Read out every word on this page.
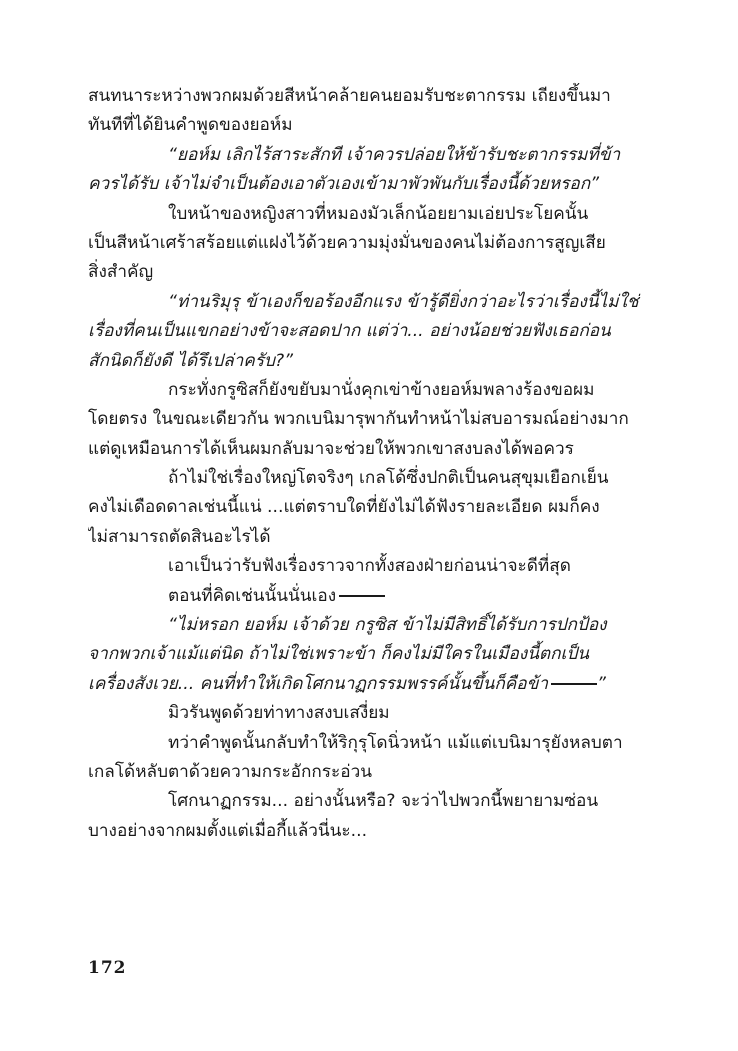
สนทนาระหว่างพวกผมด้วยสีหน้าคล้ายคนยอมรับชะตากรรม เถียงขึ้นมา
ทันทีที่ได้ยินคำพูดของยอห์ม
“ยอห์ม เลิกไร้สาระสักที เจ้าควรปล่อยให้ข้ารับชะตากรรมที่ข้า
ควรได้รับ เจ้าไม่จำเป็นต้องเอาตัวเองเข้ามาพัวพันกับเรื่องนี้ด้วยหรอก”
ใบหน้าของหญิงสาวที่หมองมัวเล็กน้อยยามเอ่ยประโยคนั้น
เป็นสีหน้าเศร้าสร้อยแต่แฝงไว้ด้วยความมุ่งมั่นของคนไม่ต้องการสูญเสีย
สิ่งสำคัญ
“ท่านริมุรุ ข้าเองก็ขอร้องอีกแรง ข้ารู้ดียิ่งกว่าอะไรว่าเรื่องนี้ไม่ใช่
เรื่องที่คนเป็นแขกอย่างข้าจะสอดปาก แต่ว่า... อย่างน้อยช่วยฟังเธอก่อน
สักนิดก็ยังดี ได้รึเปล่าครับ?”
กระทั่งกรูซิสก็ยังขยับมานั่งคุกเข่าข้างยอห์มพลางร้องขอผม
โดยตรง ในขณะเดียวกัน พวกเบนิมารุพากันทำหน้าไม่สบอารมณ์อย่างมาก
แต่ดูเหมือนการได้เห็นผมกลับมาจะช่วยให้พวกเขาสงบลงได้พอควร
ถ้าไม่ใช่เรื่องใหญ่โตจริงๆ เกลโด้ซึ่งปกติเป็นคนสุขุมเยือกเย็น
คงไม่เดือดดาลเช่นนี้แน่ ...แต่ตราบใดที่ยังไม่ได้ฟังรายละเอียด ผมก็คง
ไม่สามารถตัดสินอะไรได้
เอาเป็นว่ารับฟังเรื่องราวจากทั้งสองฝ่ายก่อนน่าจะดีที่สุด
ตอนที่คิดเช่นนั้นนั่นเอง
“ไม่หรอก ยอห์ม เจ้าด้วย กรูซิส ข้าไม่มีสิทธิ์ได้รับการปกป้อง
จากพวกเจ้าแม้แต่นิด ถ้าไม่ใช่เพราะข้า ก็คงไม่มีใครในเมืองนี้ตกเป็น
เครื่องสังเวย... คนที่ทำให้เกิดโศกนาฏกรรมพรรค์นั้นขึ้นก็คือข้า	”
มิวรันพูดด้วยท่าทางสงบเสงี่ยม
ทว่าคำพูดนั้นกลับทำให้ริกุรุโดนิ่วหน้า แม้แต่เบนิมารุยังหลบตา
เกลโด้หลับตาด้วยความกระอักกระอ่วน
โศกนาฏกรรม... อย่างนั้นหรือ? จะว่าไปพวกนี้พยายามซ่อน
บางอย่างจากผมตั้งแต่เมื่อกี้แล้วนี่นะ...
172
